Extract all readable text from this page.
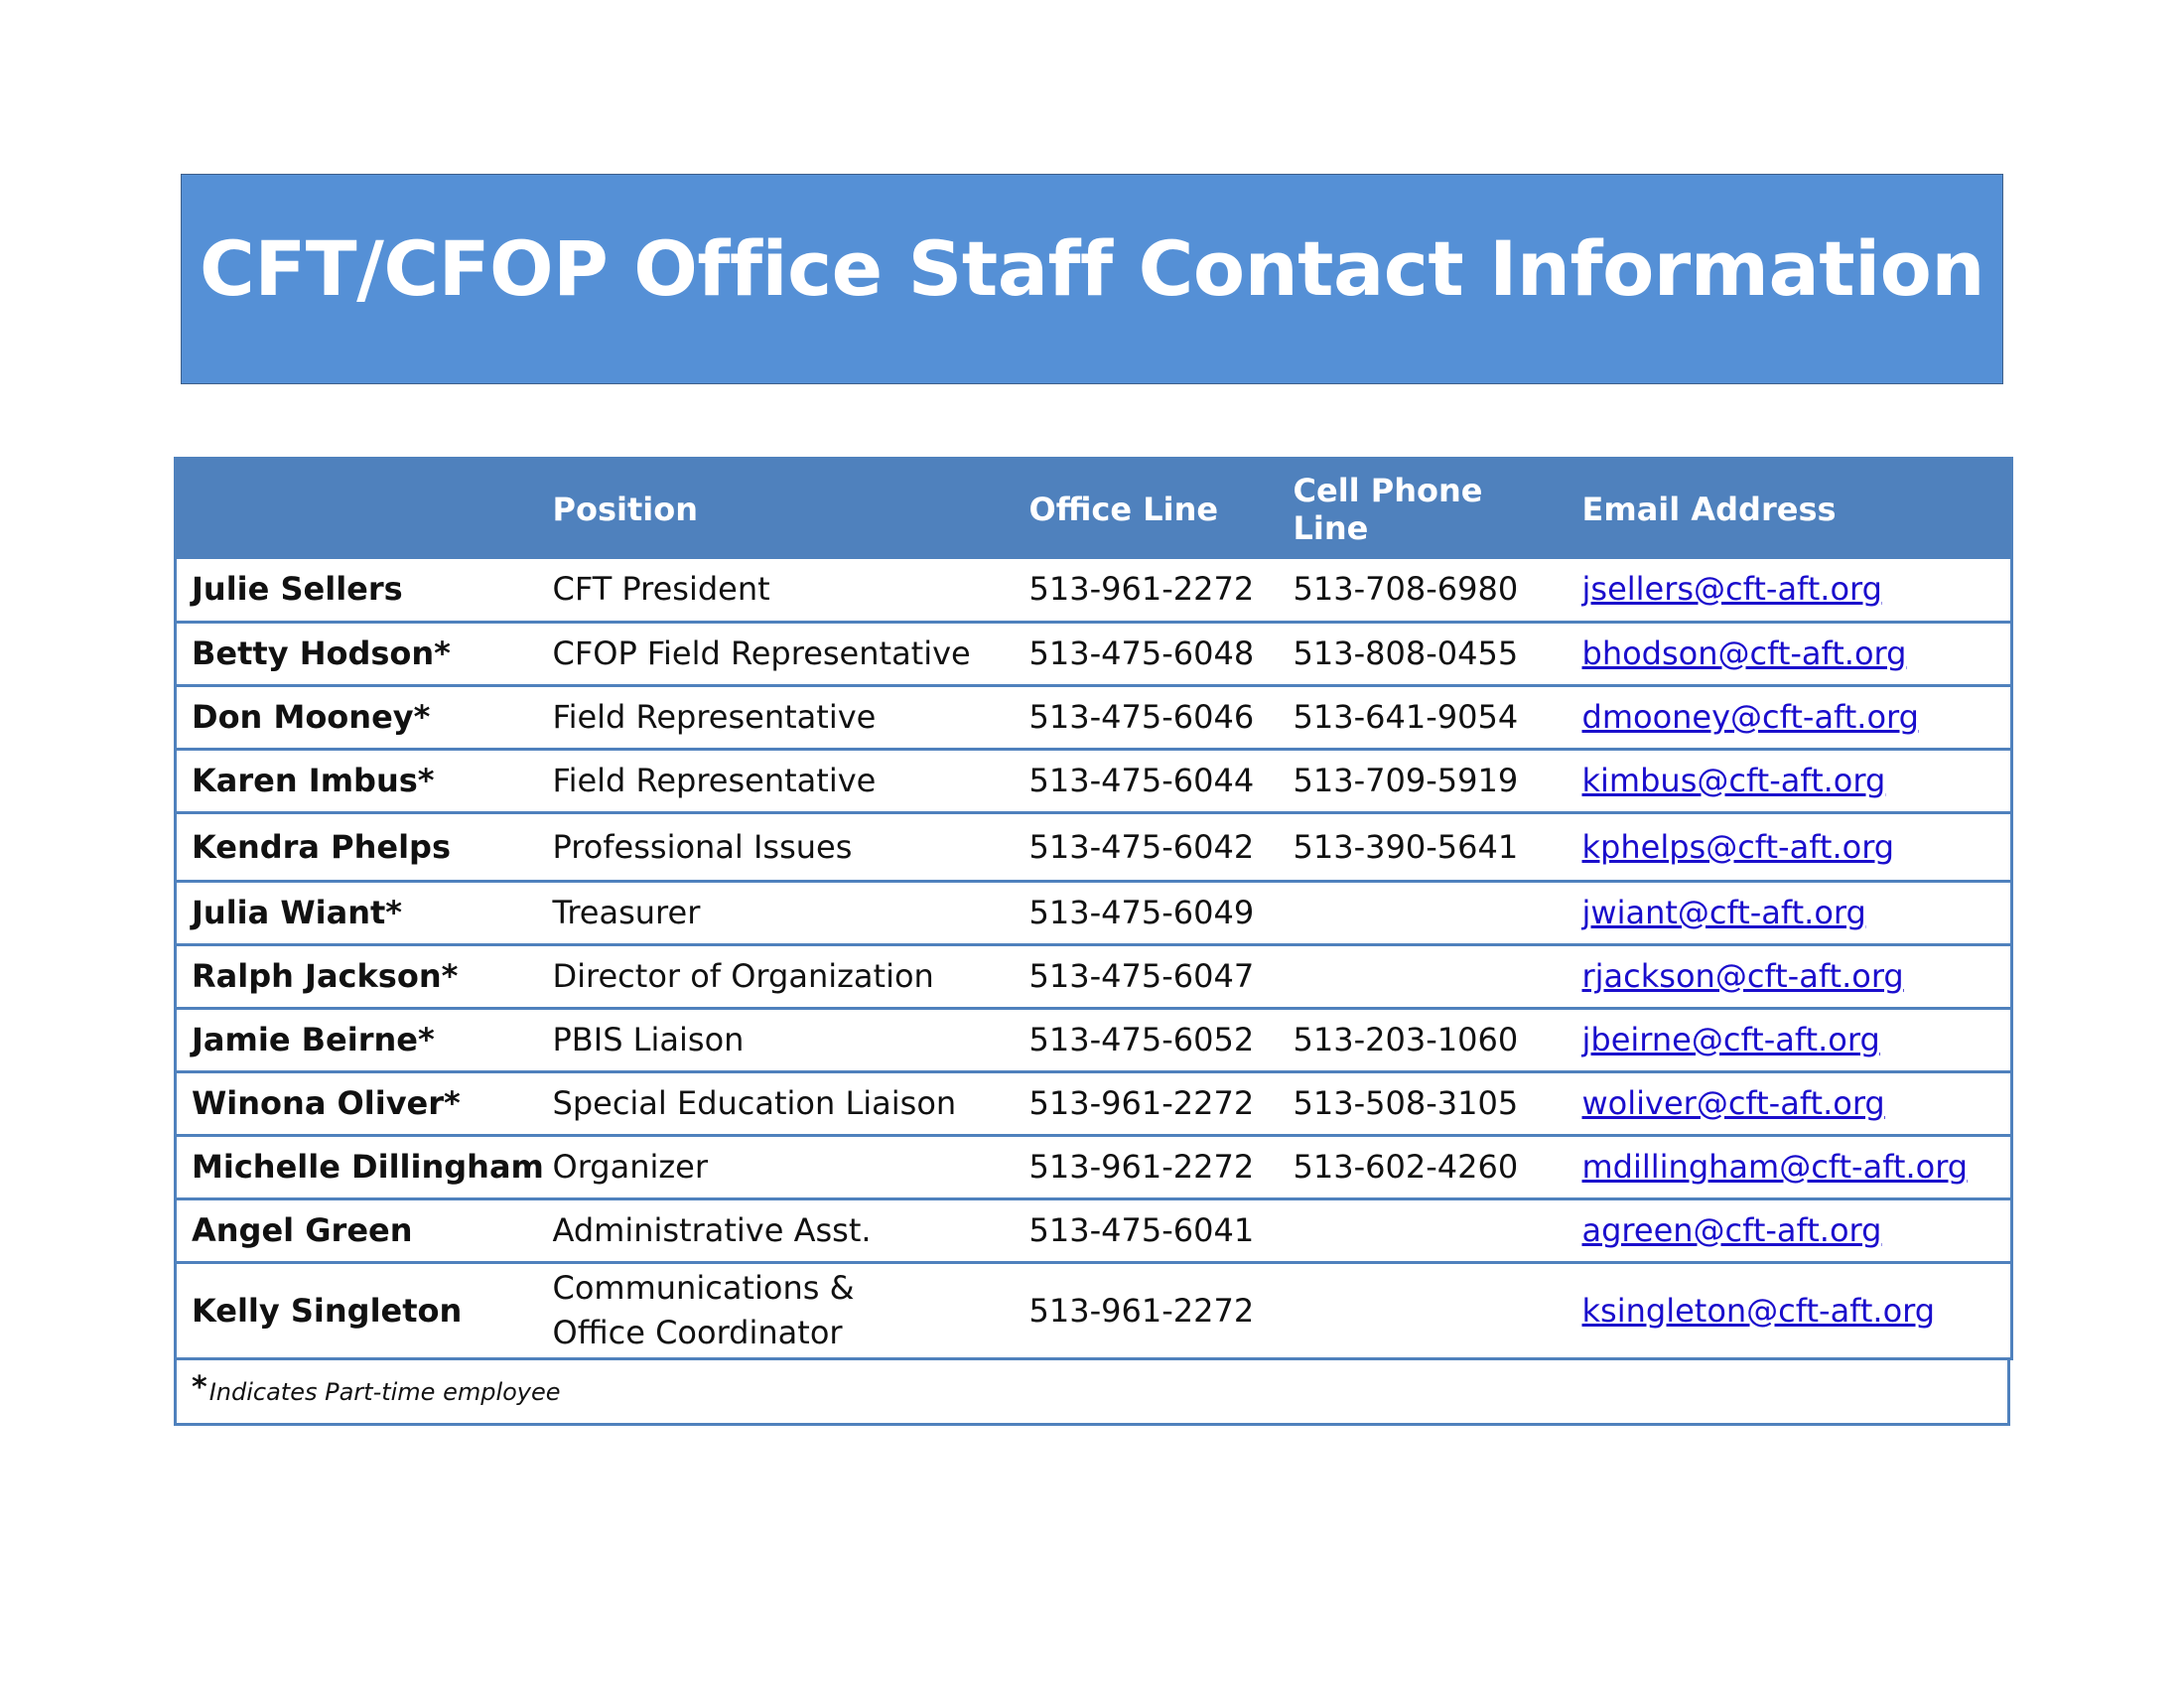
CFT/CFOP Office Staff Contact Information
	Position	Office Line	Cell Phone Line	Email Address
Julie Sellers	CFT President	513-961-2272	513-708-6980	jsellers@cft-aft.org
Betty Hodson*	CFOP Field Representative	513-475-6048	513-808-0455	bhodson@cft-aft.org
Don Mooney*	Field Representative	513-475-6046	513-641-9054	dmooney@cft-aft.org
Karen Imbus*	Field Representative	513-475-6044	513-709-5919	kimbus@cft-aft.org
Kendra Phelps	Professional Issues	513-475-6042	513-390-5641	kphelps@cft-aft.org
Julia Wiant*	Treasurer	513-475-6049		jwiant@cft-aft.org
Ralph Jackson*	Director of Organization	513-475-6047		rjackson@cft-aft.org
Jamie Beirne*	PBIS Liaison	513-475-6052	513-203-1060	jbeirne@cft-aft.org
Winona Oliver*	Special Education Liaison	513-961-2272	513-508-3105	woliver@cft-aft.org
Michelle Dillingham	Organizer	513-961-2272	513-602-4260	mdillingham@cft-aft.org
Angel Green	Administrative Asst.	513-475-6041		agreen@cft-aft.org
Kelly Singleton	Communications & Office Coordinator	513-961-2272		ksingleton@cft-aft.org
* Indicates Part-time employee
